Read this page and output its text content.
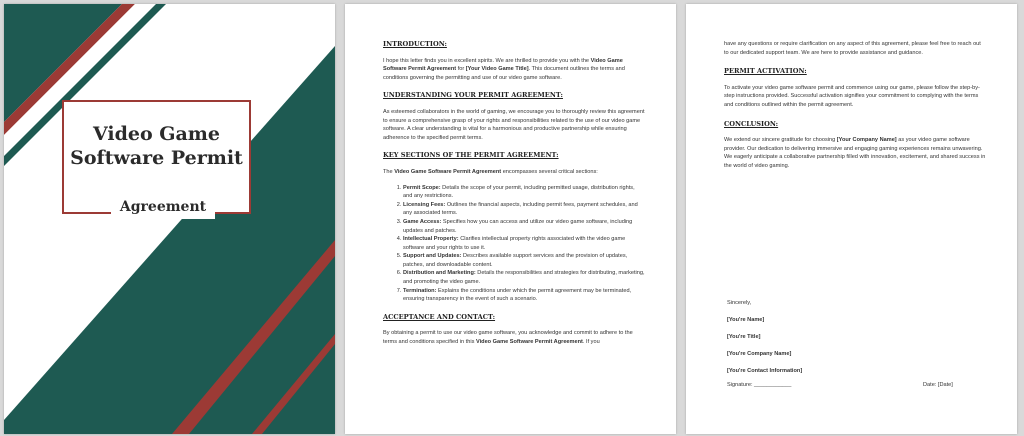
Video Game
Software Permit
Agreement

INTRODUCTION:

I hope this letter finds you in excellent spirits. We are thrilled to provide you with the Video Game Software Permit Agreement for [Your Video Game Title]. This document outlines the terms and conditions governing the permitting and use of our video game software.

UNDERSTANDING YOUR PERMIT AGREEMENT:

As esteemed collaborators in the world of gaming, we encourage you to thoroughly review this agreement to ensure a comprehensive grasp of your rights and responsibilities related to the use of our video game software. A clear understanding is vital for a harmonious and productive partnership while ensuring adherence to the specified permit terms.

KEY SECTIONS OF THE PERMIT AGREEMENT:

The Video Game Software Permit Agreement encompasses several critical sections:

1. Permit Scope: Details the scope of your permit, including permitted usage, distribution rights, and any restrictions.
2. Licensing Fees: Outlines the financial aspects, including permit fees, payment schedules, and any associated terms.
3. Game Access: Specifies how you can access and utilize our video game software, including updates and patches.
4. Intellectual Property: Clarifies intellectual property rights associated with the video game software and your rights to use it.
5. Support and Updates: Describes available support services and the provision of updates, patches, and downloadable content.
6. Distribution and Marketing: Details the responsibilities and strategies for distributing, marketing, and promoting the video game.
7. Termination: Explains the conditions under which the permit agreement may be terminated, ensuring transparency in the event of such a scenario.

ACCEPTANCE AND CONTACT:

By obtaining a permit to use our video game software, you acknowledge and commit to adhere to the terms and conditions specified in this Video Game Software Permit Agreement. If you

have any questions or require clarification on any aspect of this agreement, please feel free to reach out to our dedicated support team. We are here to provide assistance and guidance.

PERMIT ACTIVATION:

To activate your video game software permit and commence using our game, please follow the step-by-step instructions provided. Successful activation signifies your commitment to complying with the terms and conditions outlined within the permit agreement.

CONCLUSION:

We extend our sincere gratitude for choosing [Your Company Name] as your video game software provider. Our dedication to delivering immersive and engaging gaming experiences remains unwavering. We eagerly anticipate a collaborative partnership filled with innovation, excitement, and shared success in the world of video gaming.

Sincerely,
[You're Name]
[You're Title]
[You're Company Name]
[You're Contact Information]
Signature: ____________	Date: [Date]
